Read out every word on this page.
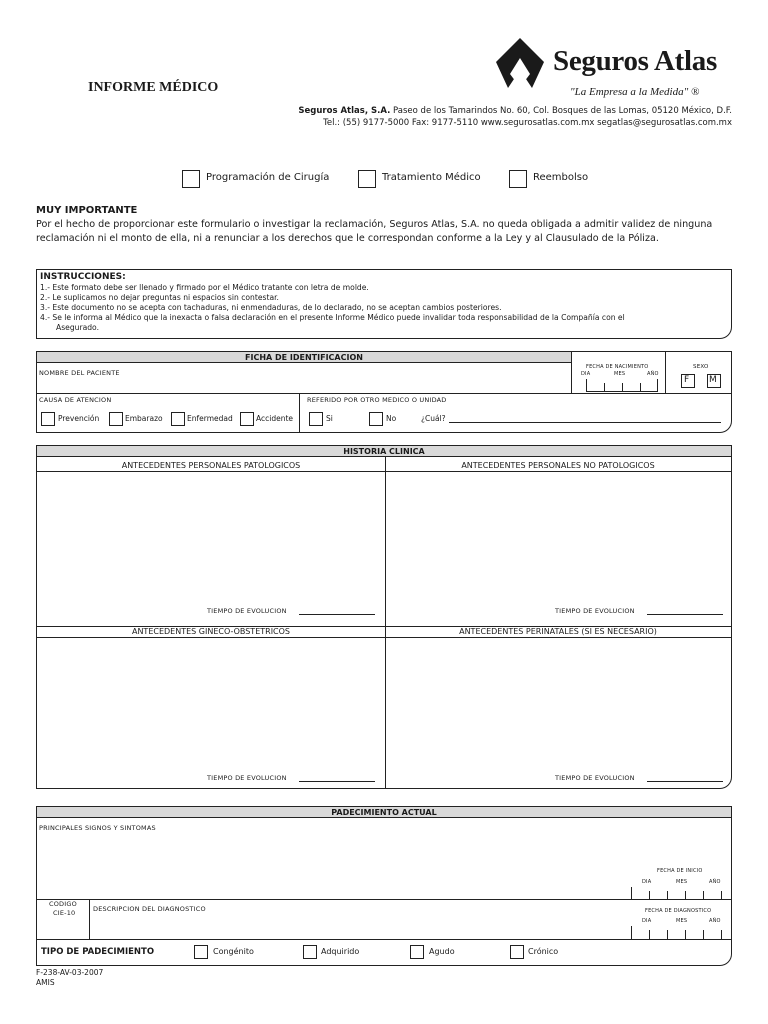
INFORME MÉDICO
Seguros Atlas
"La Empresa a la Medida" ®
Seguros Atlas, S.A. Paseo de los Tamarindos No. 60, Col. Bosques de las Lomas, 05120 México, D.F.
Tel.: (55) 9177-5000 Fax: 9177-5110 www.segurosatlas.com.mx segatlas@segurosatlas.com.mx
Programación de Cirugía	Tratamiento Médico	Reembolso
MUY IMPORTANTE
Por el hecho de proporcionar este formulario o investigar la reclamación, Seguros Atlas, S.A. no queda obligada a admitir validez de ninguna reclamación ni el monto de ella, ni a renunciar a los derechos que le correspondan conforme a la Ley y al Clausulado de la Póliza.
INSTRUCCIONES:
1.- Este formato debe ser llenado y firmado por el Médico tratante con letra de molde.
2.- Le suplicamos no dejar preguntas ni espacios sin contestar.
3.- Este documento no se acepta con tachaduras, ni enmendaduras, de lo declarado, no se aceptan cambios posteriores.
4.- Se le informa al Médico que la inexacta o falsa declaración en el presente Informe Médico puede invalidar toda responsabilidad de la Compañía con el
Asegurado.
FICHA DE IDENTIFICACION
NOMBRE DEL PACIENTE
FECHA DE NACIMIENTO
DIA	MES	AÑO
SEXO
F M
CAUSA DE ATENCION
Prevención	Embarazo	Enfermedad	Accidente
REFERIDO POR OTRO MEDICO O UNIDAD
Si	No	¿Cuál?
HISTORIA CLINICA
ANTECEDENTES PERSONALES PATOLOGICOS	ANTECEDENTES PERSONALES NO PATOLOGICOS
TIEMPO DE EVOLUCION	TIEMPO DE EVOLUCION
ANTECEDENTES GINECO-OBSTETRICOS	ANTECEDENTES PERINATALES (SI ES NECESARIO)
TIEMPO DE EVOLUCION	TIEMPO DE EVOLUCION
PADECIMIENTO ACTUAL
PRINCIPALES SIGNOS Y SINTOMAS
FECHA DE INICIO
DIA	MES	AÑO
CODIGO
CIE-10	DESCRIPCION DEL DIAGNOSTICO	FECHA DE DIAGNOSTICO
DIA	MES	AÑO
TIPO DE PADECIMIENTO	Congénito	Adquirido	Agudo	Crónico
F-238-AV-03-2007
AMIS
